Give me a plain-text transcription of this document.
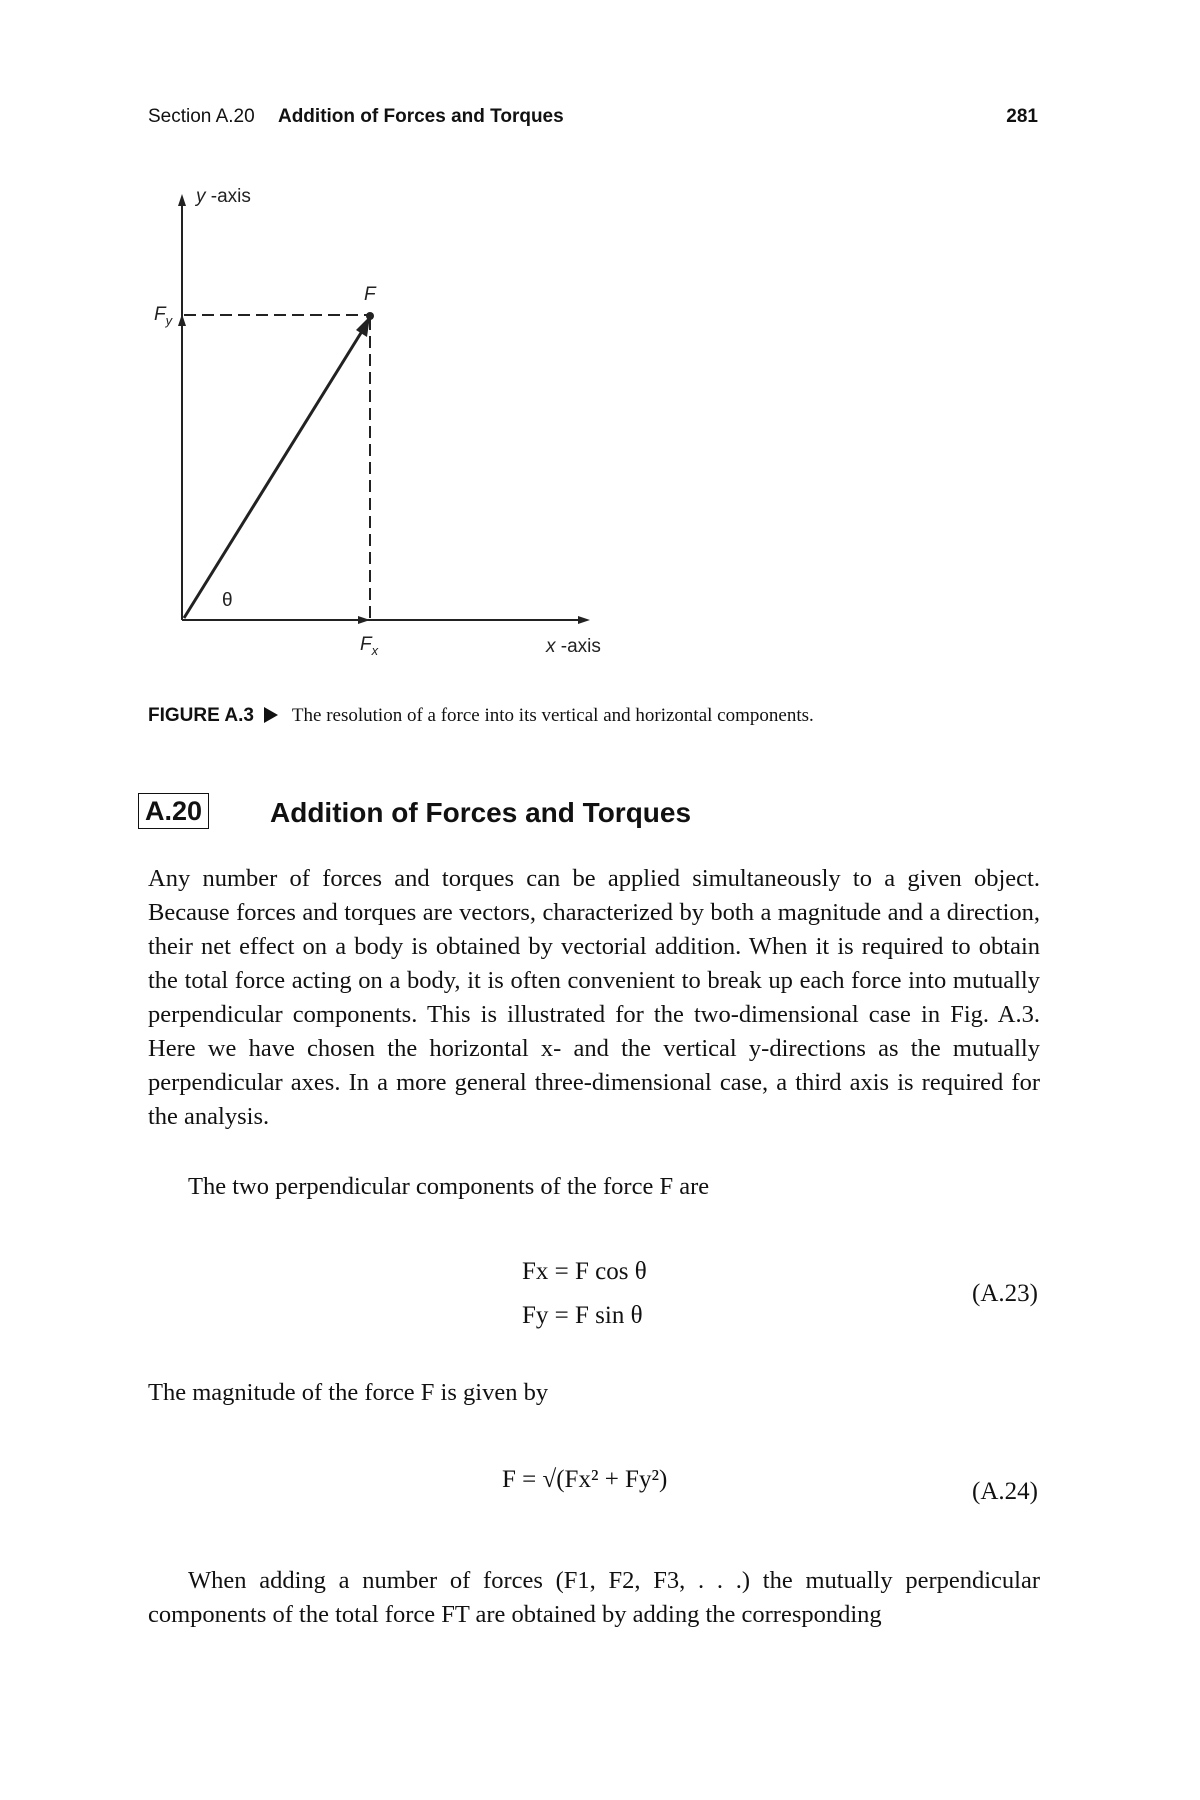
Section A.20 Addition of Forces and Torques	281
y -axis
x -axis
F
$F_y$
$F_x$
θ
FIGURE A.3 The resolution of a force into its vertical and horizontal components.
A.20 Addition of Forces and Torques
Any number of forces and torques can be applied simultaneously to a given object. Because forces and torques are vectors, characterized by both a magnitude and a direction, their net effect on a body is obtained by vectorial addition. When it is required to obtain the total force acting on a body, it is often convenient to break up each force into mutually perpendicular components. This is illustrated for the two-dimensional case in Fig. A.3. Here we have chosen the horizontal x- and the vertical y-directions as the mutually perpendicular axes. In a more general three-dimensional case, a third axis is required for the analysis.
The two perpendicular components of the force F are
Fx = F cos θ
Fy = F sin θ
(A.23)
The magnitude of the force F is given by
F = √(Fx² + Fy²)	(A.24)
When adding a number of forces (F1, F2, F3, . . .) the mutually perpendicular components of the total force FT are obtained by adding the corresponding
